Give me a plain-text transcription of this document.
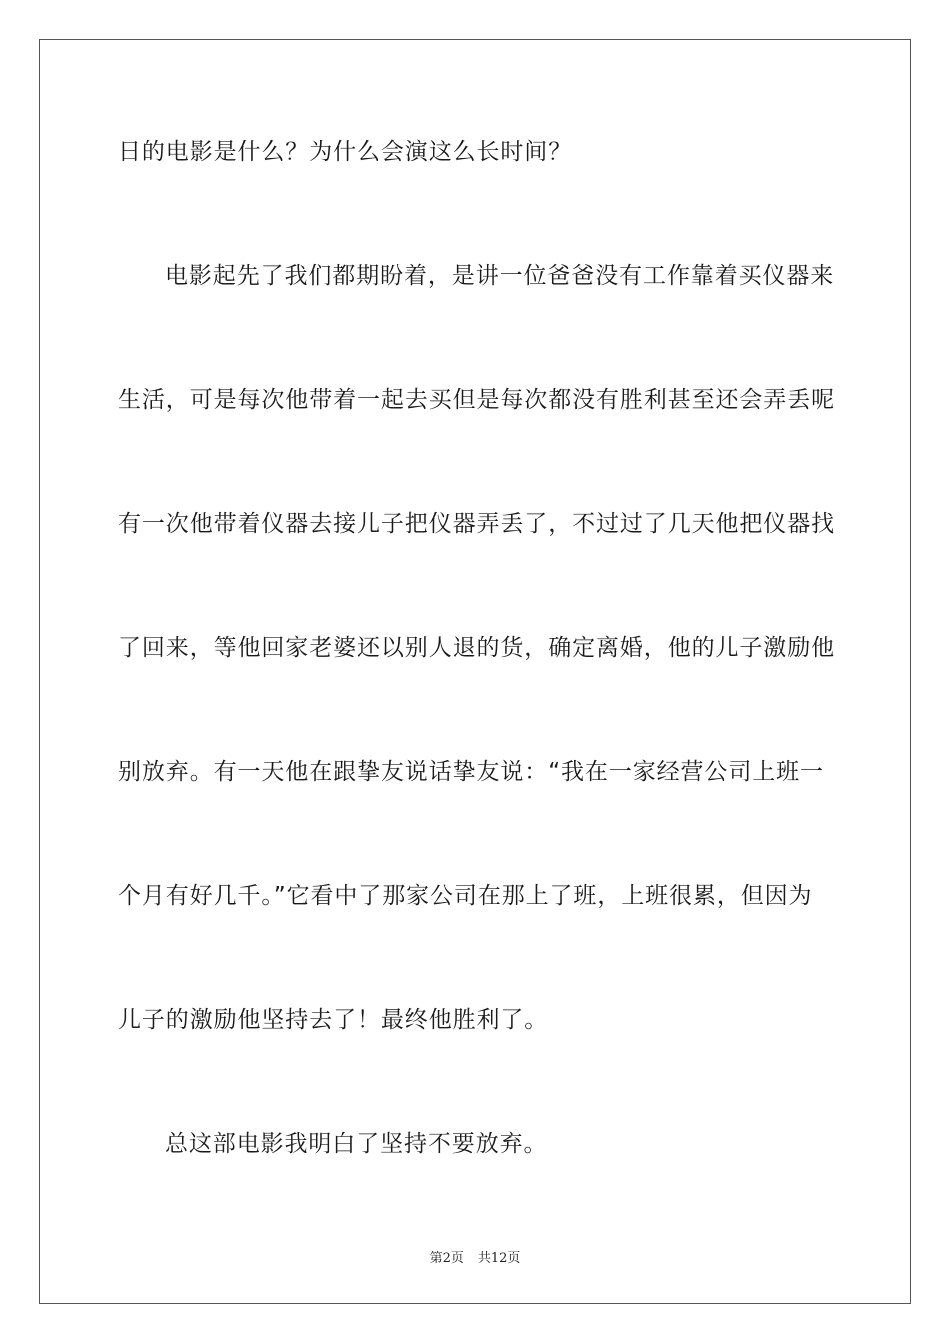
日的电影是什么？为什么会演这么长时间？
电影起先了我们都期盼着，是讲一位爸爸没有工作靠着买仪器来
生活，可是每次他带着一起去买但是每次都没有胜利甚至还会弄丢呢
有一次他带着仪器去接儿子把仪器弄丢了，不过过了几天他把仪器找
了回来，等他回家老婆还以别人退的货，确定离婚，他的儿子激励他
别放弃。有一天他在跟挚友说话挚友说：“我在一家经营公司上班一
个月有好几千。”它看中了那家公司在那上了班，上班很累，但因为
儿子的激励他坚持去了！最终他胜利了。
总这部电影我明白了坚持不要放弃。
第2页 共12页
